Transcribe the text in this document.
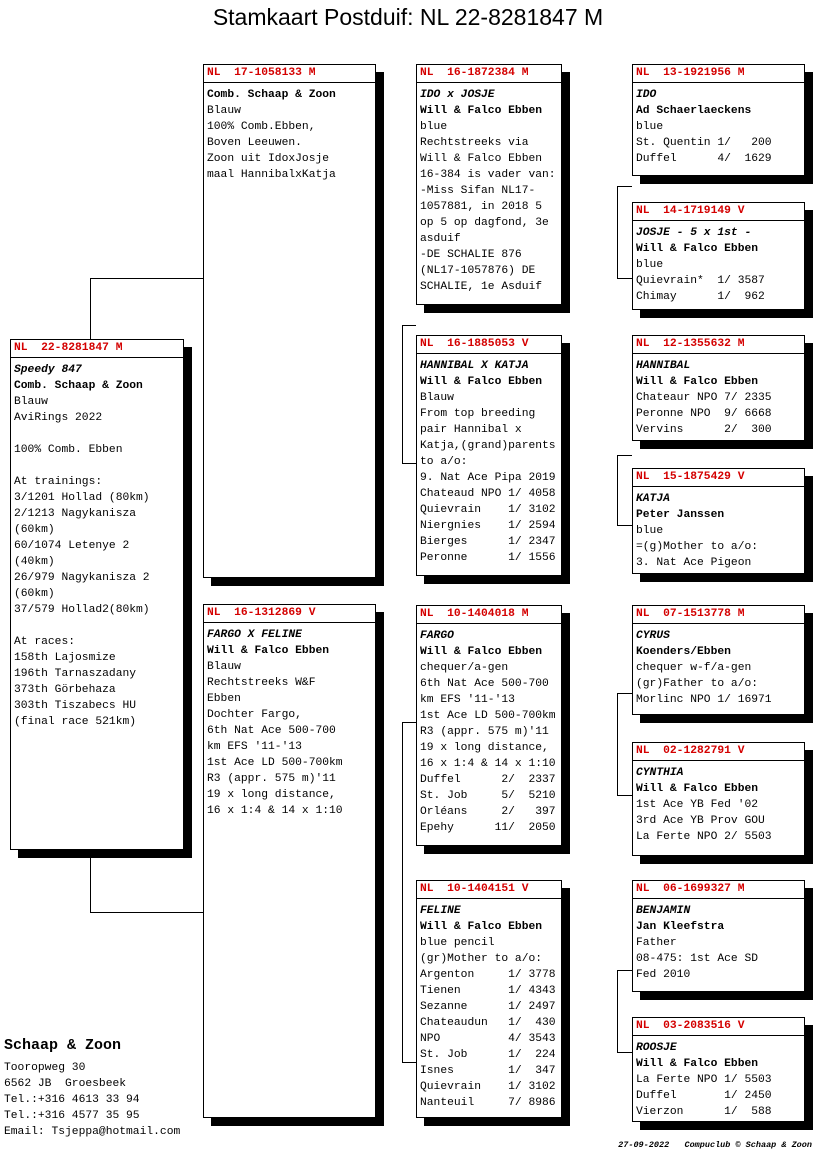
Stamkaart Postduif: NL 22-8281847 M
NL  22-8281847 M
Speedy 847
Comb. Schaap & Zoon
Blauw
AviRings 2022
100% Comb. Ebben
At trainings:
3/1201 Hollad (80km)
2/1213 Nagykanisza
(60km)
60/1074 Letenye 2
(40km)
26/979 Nagykanisza 2
(60km)
37/579 Hollad2(80km)
At races:
158th Lajosmize
196th Tarnaszadany
373th Görbehaza
303th Tiszabecs HU
(final race 521km)
NL  17-1058133 M
Comb. Schaap & Zoon
Blauw
100% Comb.Ebben,
Boven Leeuwen.
Zoon uit IdoxJosje
maal HannibalxKatja
NL  16-1312869 V
FARGO X FELINE
Will & Falco Ebben
Blauw
Rechtstreeks W&F
Ebben
Dochter Fargo,
6th Nat Ace 500-700
km EFS '11-'13
1st Ace LD 500-700km
R3 (appr. 575 m)'11
19 x long distance,
16 x 1:4 & 14 x 1:10
NL  16-1872384 M
IDO x JOSJE
Will & Falco Ebben
blue
Rechtstreeks via
Will & Falco Ebben
16-384 is vader van:
-Miss Sifan NL17-
1057881, in 2018 5
op 5 op dagfond, 3e
asduif
-DE SCHALIE 876
(NL17-1057876) DE
SCHALIE, 1e Asduif
NL  16-1885053 V
HANNIBAL X KATJA
Will & Falco Ebben
Blauw
From top breeding
pair Hannibal x
Katja,(grand)parents
to a/o:
9. Nat Ace Pipa 2019
Chateaud NPO 1/ 4058
Quievrain    1/ 3102
Niergnies    1/ 2594
Bierges      1/ 2347
Peronne      1/ 1556
NL  10-1404018 M
FARGO
Will & Falco Ebben
chequer/a-gen
6th Nat Ace 500-700
km EFS '11-'13
1st Ace LD 500-700km
R3 (appr. 575 m)'11
19 x long distance,
16 x 1:4 & 14 x 1:10
Duffel      2/  2337
St. Job     5/  5210
Orléans     2/   397
Epehy      11/  2050
NL  10-1404151 V
FELINE
Will & Falco Ebben
blue pencil
(gr)Mother to a/o:
Argenton     1/ 3778
Tienen       1/ 4343
Sezanne      1/ 2497
Chateaudun   1/  430
NPO          4/ 3543
St. Job      1/  224
Isnes        1/  347
Quievrain    1/ 3102
Nanteuil     7/ 8986
NL  13-1921956 M
IDO
Ad Schaerlaeckens
blue
St. Quentin 1/   200
Duffel      4/  1629
NL  14-1719149 V
JOSJE - 5 x 1st -
Will & Falco Ebben
blue
Quievrain*  1/ 3587
Chimay      1/  962
NL  12-1355632 M
HANNIBAL
Will & Falco Ebben
Chateaur NPO 7/ 2335
Peronne NPO  9/ 6668
Vervins      2/  300
NL  15-1875429 V
KATJA
Peter Janssen
blue
=(g)Mother to a/o:
3. Nat Ace Pigeon
NL  07-1513778 M
CYRUS
Koenders/Ebben
chequer w-f/a-gen
(gr)Father to a/o:
Morlinc NPO 1/ 16971
NL  02-1282791 V
CYNTHIA
Will & Falco Ebben
1st Ace YB Fed '02
3rd Ace YB Prov GOU
La Ferte NPO 2/ 5503
NL  06-1699327 M
BENJAMIN
Jan Kleefstra
Father
08-475: 1st Ace SD
Fed 2010
NL  03-2083516 V
ROOSJE
Will & Falco Ebben
La Ferte NPO 1/ 5503
Duffel       1/ 2450
Vierzon      1/  588
Schaap & Zoon
Tooropweg 30
6562 JB  Groesbeek
Tel.:+316 4613 33 94
Tel.:+316 4577 35 95
Email: Tsjeppa@hotmail.com
27-09-2022   Compuclub © Schaap & Zoon
